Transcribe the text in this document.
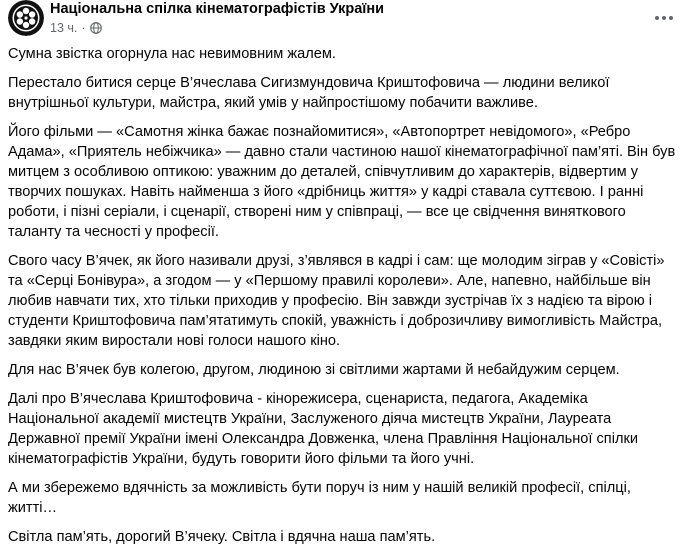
Національна спілка кінематографістів України
13 ч. ·

Сумна звістка огорнула нас невимовним жалем.

Перестало битися серце В’ячеслава Сигизмундовича Криштофовича — людини великої внутрішньої культури, майстра, який умів у найпростішому побачити важливе.

Його фільми — «Самотня жінка бажає познайомитися», «Автопортрет невідомого», «Ребро Адама», «Приятель небіжчика» — давно стали частиною нашої кінематографічної пам’яті. Він був митцем з особливою оптикою: уважним до деталей, співчутливим до характерів, відвертим у творчих пошуках. Навіть найменша з його «дрібниць життя» у кадрі ставала суттєвою. І ранні роботи, і пізні серіали, і сценарії, створені ним у співпраці, — все це свідчення виняткового таланту та чесності у професії.

Свого часу В’ячек, як його називали друзі, з’являвся в кадрі і сам: ще молодим зіграв у «Совісті» та «Серці Бонівура», а згодом — у «Першому правилі королеви». Але, напевно, найбільше він любив навчати тих, хто тільки приходив у професію. Він завжди зустрічав їх з надією та вірою і студенти Криштофовича пам’ятатимуть спокій, уважність і доброзичливу вимогливість Майстра, завдяки яким виростали нові голоси нашого кіно.

Для нас В’ячек був колегою, другом, людиною зі світлими жартами й небайдужим серцем.

Далі про В’ячеслава Криштофовича - кінорежисера, сценариста, педагога, Академіка Національної академії мистецтв України, Заслуженого діяча мистецтв України, Лауреата Державної премії України імені Олександра Довженка, члена Правління Національної спілки кінематографістів України, будуть говорити його фільми та його учні.

А ми збережемо вдячність за можливість бути поруч із ним у нашій великій професії, спілці, житті…

Світла пам’ять, дорогий В’ячеку. Світла і вдячна наша пам’ять.
